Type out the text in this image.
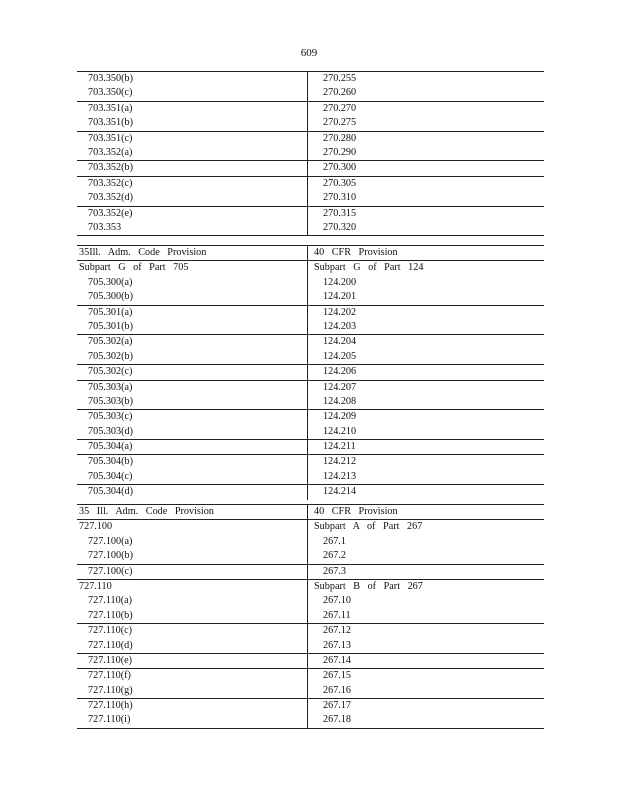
609
703.350(b)	270.255
703.350(c)	270.260
703.351(a)	270.270
703.351(b)	270.275
703.351(c)	270.280
703.352(a)	270.290
703.352(b)	270.300
703.352(c)	270.305
703.352(d)	270.310
703.352(e)	270.315
703.353	270.320
35Ill. Adm. Code Provision	40 CFR Provision
Subpart G of Part 705	Subpart G of Part 124
705.300(a)	124.200
705.300(b)	124.201
705.301(a)	124.202
705.301(b)	124.203
705.302(a)	124.204
705.302(b)	124.205
705.302(c)	124.206
705.303(a)	124.207
705.303(b)	124.208
705.303(c)	124.209
705.303(d)	124.210
705.304(a)	124.211
705.304(b)	124.212
705.304(c)	124.213
705.304(d)	124.214
35 Ill. Adm. Code Provision	40 CFR Provision
727.100	Subpart A of Part 267
727.100(a)	267.1
727.100(b)	267.2
727.100(c)	267.3
727.110	Subpart B of Part 267
727.110(a)	267.10
727.110(b)	267.11
727.110(c)	267.12
727.110(d)	267.13
727.110(e)	267.14
727.110(f)	267.15
727.110(g)	267.16
727.110(h)	267.17
727.110(i)	267.18
